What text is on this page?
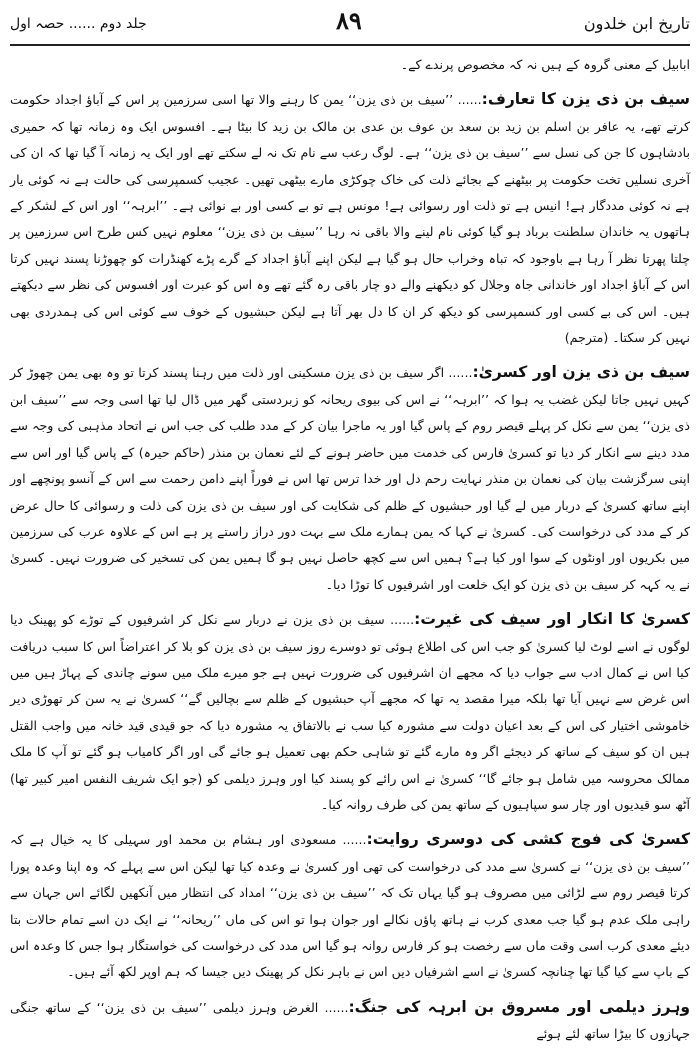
تاریخ ابن خلدون
۸۹
جلد دوم ...... حصہ اول

ابابیل کے معنی گروہ کے ہیں نہ کہ مخصوص پرندے کے۔

سیف بن ذی یزن کا تعارف:...... ’’سیف بن ذی یزن‘‘ یمن کا رہنے والا تھا اسی سرزمین پر اس کے آباؤ اجداد حکومت کرتے تھے، یہ عافر بن اسلم بن زید بن سعد بن عوف بن عدی بن مالک بن زید کا بیٹا ہے۔ افسوس ایک وہ زمانہ تھا کہ حمیری بادشاہوں کا جن کی نسل سے ’’سیف بن ذی یزن‘‘ ہے۔ لوگ رعب سے نام تک نہ لے سکتے تھے اور ایک یہ زمانہ آ گیا تھا کہ ان کی آخری نسلیں تخت حکومت پر بیٹھنے کے بجائے ذلت کی خاک چوکڑی مارے بیٹھی تھیں۔ عجیب کسمپرسی کی حالت ہے نہ کوئی یار ہے نہ کوئی مددگار ہے! انیس ہے تو ذلت اور رسوائی ہے! مونس ہے تو بے کسی اور بے نوائی ہے۔ ’’ابرہہ‘‘ اور اس کے لشکر کے ہاتھوں یہ خاندان سلطنت برباد ہو گیا کوئی نام لینے والا باقی نہ رہا ’’سیف بن ذی یزن‘‘ معلوم نہیں کس طرح اس سرزمین پر چلتا پھرتا نظر آ رہا ہے باوجود کہ تباہ وخراب حال ہو گیا ہے لیکن اپنے آباؤ اجداد کے گرے پڑے کھنڈرات کو چھوڑنا پسند نہیں کرتا اس کے آباؤ اجداد اور خاندانی جاہ وجلال کو دیکھنے والے دو چار باقی رہ گئے تھے وہ اس کو عبرت اور افسوس کی نظر سے دیکھتے ہیں۔ اس کی بے کسی اور کسمپرسی کو دیکھ کر ان کا دل بھر آتا ہے لیکن حبشیوں کے خوف سے کوئی اس کی ہمدردی بھی نہیں کر سکتا۔ (مترجم)

سیف بن ذی یزن اور کسریٰ:...... اگر سیف بن ذی یزن مسکینی اور ذلت میں رہنا پسند کرتا تو وہ بھی یمن چھوڑ کر کہیں نہیں جاتا لیکن غضب یہ ہوا کہ ’’ابرہہ‘‘ نے اس کی بیوی ریحانہ کو زبردستی گھر میں ڈال لیا تھا اسی وجہ سے ’’سیف ابن ذی یزن‘‘ یمن سے نکل کر پہلے قیصر روم کے پاس گیا اور یہ ماجرا بیان کر کے مدد طلب کی جب اس نے اتحاد مذہبی کی وجہ سے مدد دینے سے انکار کر دیا تو کسریٰ فارس کی خدمت میں حاضر ہونے کے لئے نعمان بن منذر (حاکم حیرہ) کے پاس گیا اور اس سے اپنی سرگزشت بیان کی نعمان بن منذر نہایت رحم دل اور خدا ترس تھا اس نے فوراً اپنے دامن رحمت سے اس کے آنسو پونچھے اور اپنے ساتھ کسریٰ کے دربار میں لے گیا اور حبشیوں کے ظلم کی شکایت کی اور سیف بن ذی یزن کی ذلت و رسوائی کا حال عرض کر کے مدد کی درخواست کی۔ کسریٰ نے کہا کہ یمن ہمارے ملک سے بہت دور دراز راستے پر ہے اس کے علاوہ عرب کی سرزمین میں بکریوں اور اونٹوں کے سوا اور کیا ہے؟ ہمیں اس سے کچھ حاصل نہیں ہو گا ہمیں یمن کی تسخیر کی ضرورت نہیں۔ کسریٰ نے یہ کہہ کر سیف بن ذی یزن کو ایک خلعت اور اشرفیوں کا توڑا دیا۔

کسریٰ کا انکار اور سیف کی غیرت:...... سیف بن ذی یزن نے دربار سے نکل کر اشرفیوں کے توڑے کو پھینک دیا لوگوں نے اسے لوٹ لیا کسریٰ کو جب اس کی اطلاع ہوئی تو دوسرے روز سیف بن ذی یزن کو بلا کر اعتراضاً اس کا سبب دریافت کیا اس نے کمال ادب سے جواب دیا کہ مجھے ان اشرفیوں کی ضرورت نہیں ہے جو میرے ملک میں سونے چاندی کے پہاڑ ہیں میں اس غرض سے نہیں آیا تھا بلکہ میرا مقصد یہ تھا کہ مجھے آپ حبشیوں کے ظلم سے بچالیں گے‘‘ کسریٰ نے یہ سن کر تھوڑی دیر خاموشی اختیار کی اس کے بعد اعیان دولت سے مشورہ کیا سب نے بالاتفاق یہ مشورہ دیا کہ جو قیدی قید خانہ میں واجب القتل ہیں ان کو سیف کے ساتھ کر دیجئے اگر وہ مارے گئے تو شاہی حکم بھی تعمیل ہو جائے گی اور اگر کامیاب ہو گئے تو آپ کا ملک ممالک محروسہ میں شامل ہو جائے گا‘‘ کسریٰ نے اس رائے کو پسند کیا اور وہرز دیلمی کو (جو ایک شریف النفس امیر کبیر تھا) آٹھ سو قیدیوں اور چار سو سپاہیوں کے ساتھ یمن کی طرف روانہ کیا۔

کسریٰ کی فوج کشی کی دوسری روایت:...... مسعودی اور ہشام بن محمد اور سہیلی کا یہ خیال ہے کہ ’’سیف بن ذی یزن‘‘ نے کسریٰ سے مدد کی درخواست کی تھی اور کسریٰ نے وعدہ کیا تھا لیکن اس سے پہلے کہ وہ اپنا وعدہ پورا کرتا قیصر روم سے لڑائی میں مصروف ہو گیا یہاں تک کہ ’’سیف بن ذی یزن‘‘ امداد کی انتظار میں آنکھیں لگائے اس جہان سے راہی ملک عدم ہو گیا جب معدی کرب نے ہاتھ پاؤں نکالے اور جوان ہوا تو اس کی ماں ’’ریحانہ‘‘ نے ایک دن اسے تمام حالات بتا دیئے معدی کرب اسی وقت ماں سے رخصت ہو کر فارس روانہ ہو گیا اس مدد کی درخواست کی خواستگار ہوا جس کا وعدہ اس کے باپ سے کیا گیا تھا چنانچہ کسریٰ نے اسے اشرفیاں دیں اس نے باہر نکل کر پھینک دیں جیسا کہ ہم اوپر لکھ آئے ہیں۔

وہرز دیلمی اور مسروق بن ابرہہ کی جنگ:...... الغرض وہرز دیلمی ’’سیف بن ذی یزن‘‘ کے ساتھ جنگی جہازوں کا بیڑا ساتھ لئے ہوئے
